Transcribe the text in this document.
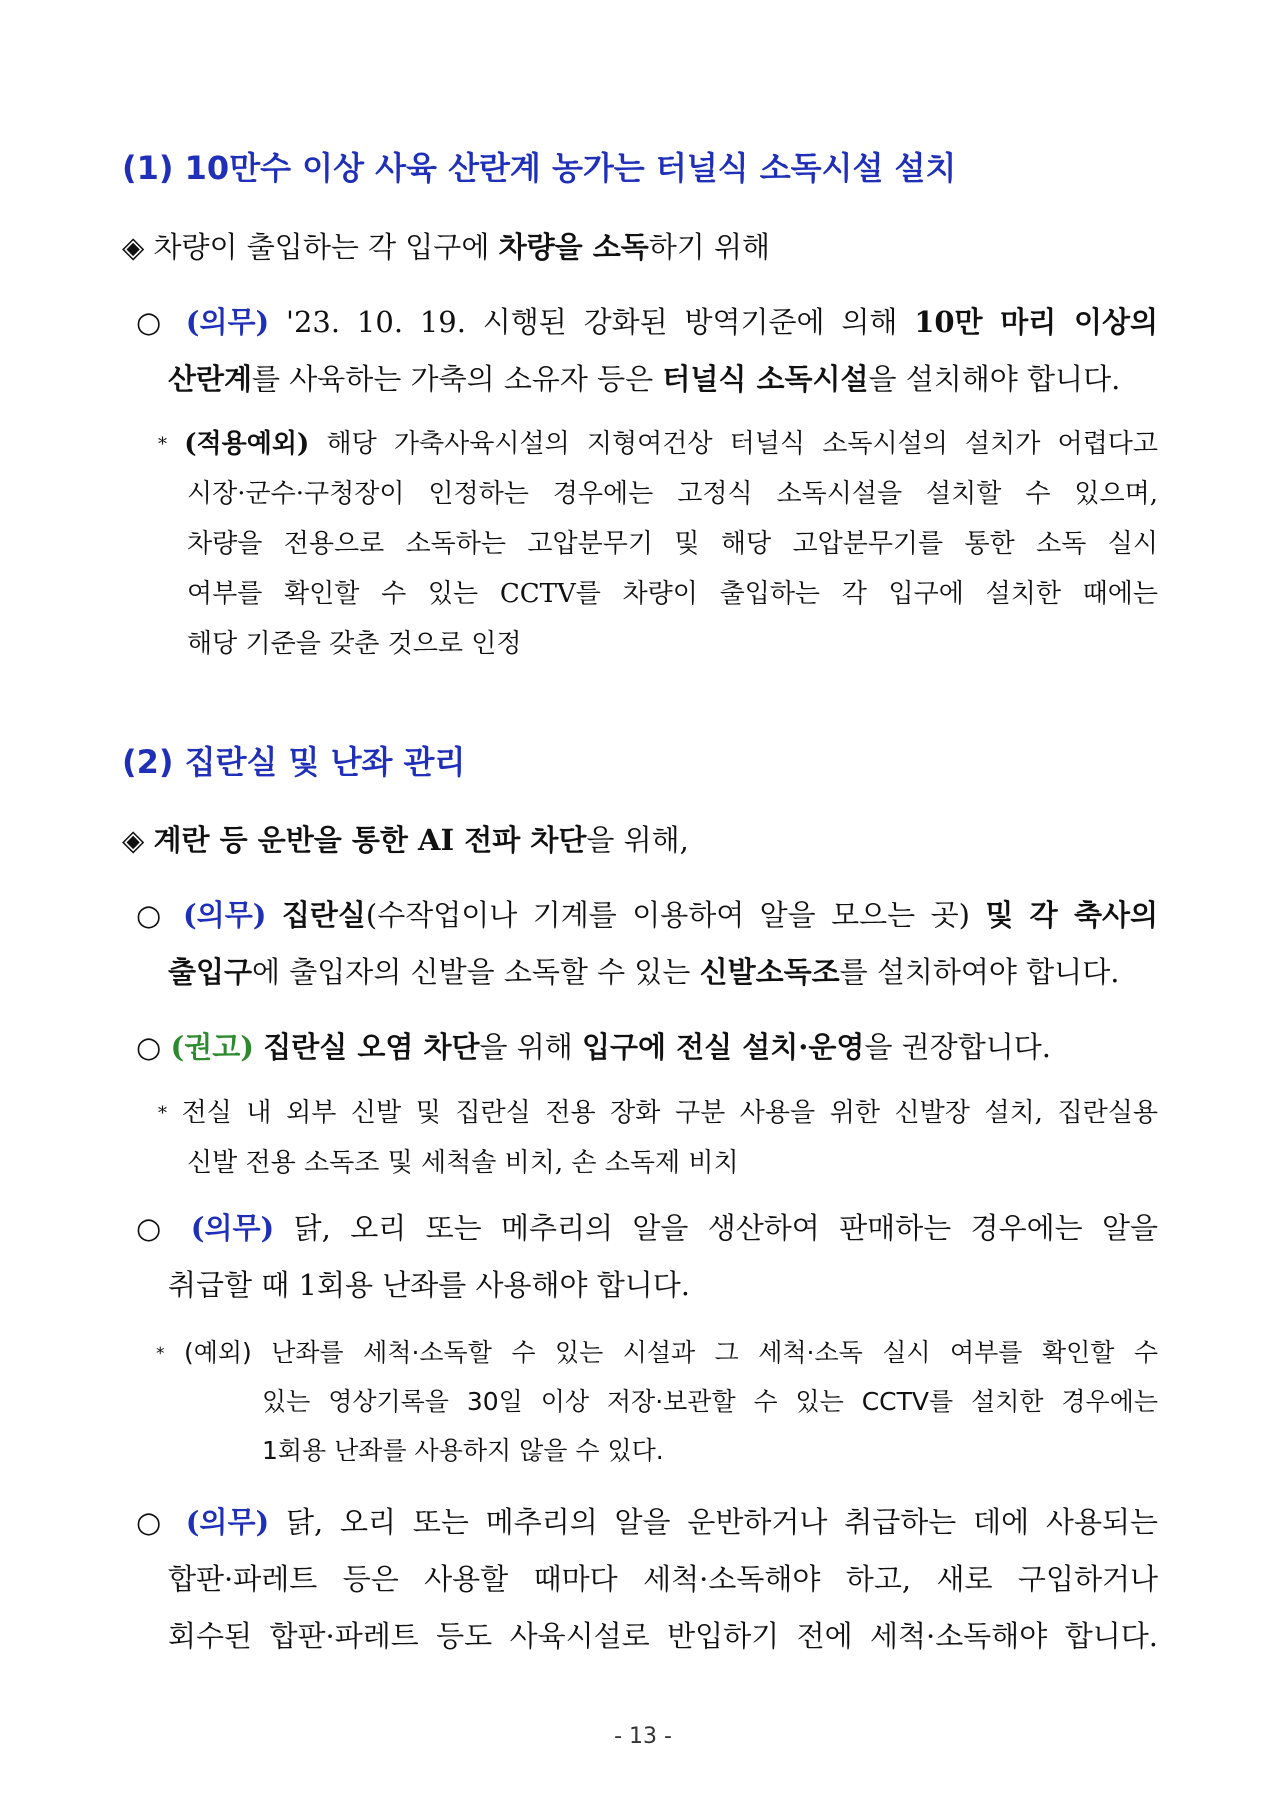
(1) 10만수 이상 사육 산란계 농가는 터널식 소독시설 설치
◈ 차량이 출입하는 각 입구에 차량을 소독하기 위해
○ (의무) '23. 10. 19. 시행된 강화된 방역기준에 의해 10만 마리 이상의
산란계를 사육하는 가축의 소유자 등은 터널식 소독시설을 설치해야 합니다.
* (적용예외) 해당 가축사육시설의 지형여건상 터널식 소독시설의 설치가 어렵다고
시장·군수·구청장이 인정하는 경우에는 고정식 소독시설을 설치할 수 있으며,
차량을 전용으로 소독하는 고압분무기 및 해당 고압분무기를 통한 소독 실시
여부를 확인할 수 있는 CCTV를 차량이 출입하는 각 입구에 설치한 때에는
해당 기준을 갖춘 것으로 인정
(2) 집란실 및 난좌 관리
◈ 계란 등 운반을 통한 AI 전파 차단을 위해,
○ (의무) 집란실(수작업이나 기계를 이용하여 알을 모으는 곳) 및 각 축사의
출입구에 출입자의 신발을 소독할 수 있는 신발소독조를 설치하여야 합니다.
○ (권고) 집란실 오염 차단을 위해 입구에 전실 설치·운영을 권장합니다.
* 전실 내 외부 신발 및 집란실 전용 장화 구분 사용을 위한 신발장 설치, 집란실용
신발 전용 소독조 및 세척솔 비치, 손 소독제 비치
○ (의무) 닭, 오리 또는 메추리의 알을 생산하여 판매하는 경우에는 알을
취급할 때 1회용 난좌를 사용해야 합니다.
* (예외) 난좌를 세척·소독할 수 있는 시설과 그 세척·소독 실시 여부를 확인할 수
있는 영상기록을 30일 이상 저장·보관할 수 있는 CCTV를 설치한 경우에는
1회용 난좌를 사용하지 않을 수 있다.
○ (의무) 닭, 오리 또는 메추리의 알을 운반하거나 취급하는 데에 사용되는
합판·파레트 등은 사용할 때마다 세척·소독해야 하고, 새로 구입하거나
회수된 합판·파레트 등도 사육시설로 반입하기 전에 세척·소독해야 합니다.
- 13 -
